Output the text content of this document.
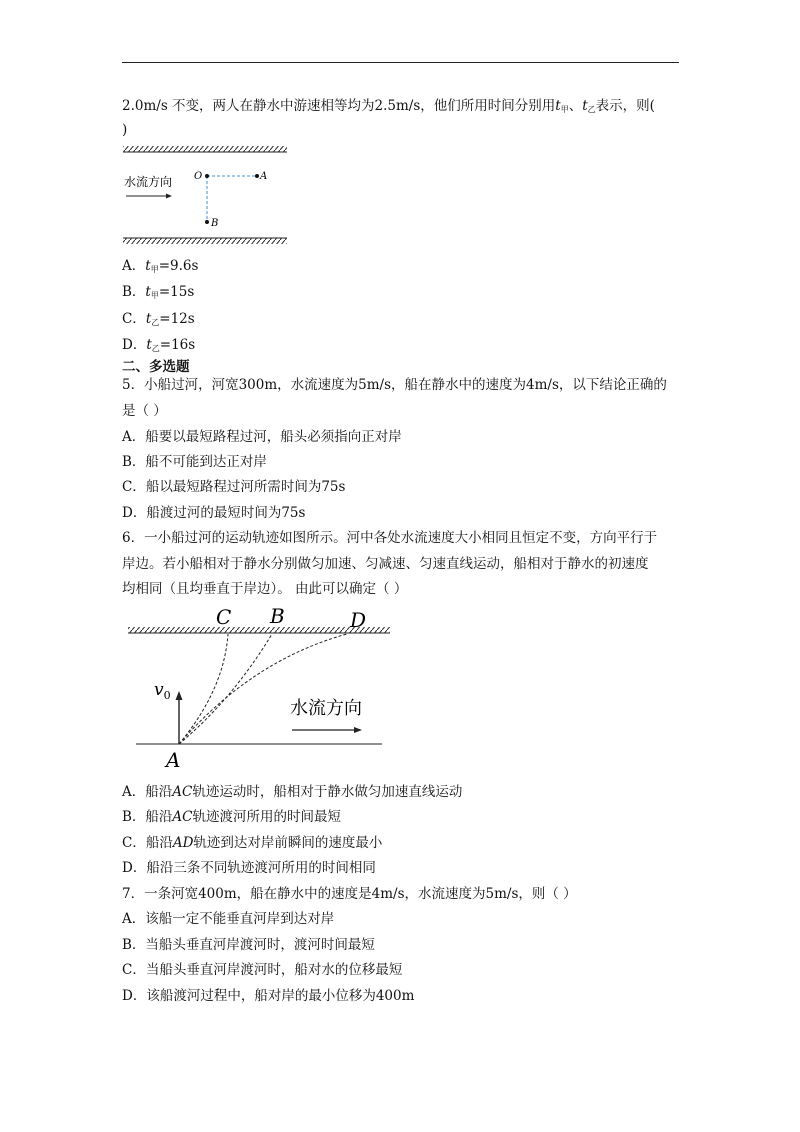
2.0m/s 不变，两人在静水中游速相等均为2.5m/s，他们所用时间分别用$t_甲$、$t_乙$表示，则(
)
水流方向 O	A
B
A．$t_甲=9.6s$
B．$t_甲=15s$
C．$t_乙=12s$
D．$t_乙=16s$
二、多选题
5．小船过河，河宽300m，水流速度为5m/s，船在静水中的速度为4m/s，以下结论正确的
是（ ）
A．船要以最短路程过河，船头必须指向正对岸
B．船不可能到达正对岸
C．船以最短路程过河所需时间为75s
D．船渡过河的最短时间为75s
6．一小船过河的运动轨迹如图所示。河中各处水流速度大小相同且恒定不变，方向平行于
岸边。若小船相对于静水分别做匀加速、匀减速、匀速直线运动，船相对于静水的初速度
均相同（且均垂直于岸边）。 由此可以确定（ ）
C B	D
$v_0$
水流方向
A
A．船沿AC轨迹运动时，船相对于静水做匀加速直线运动
B．船沿AC轨迹渡河所用的时间最短
C．船沿AD轨迹到达对岸前瞬间的速度最小
D．船沿三条不同轨迹渡河所用的时间相同
7．一条河宽400m，船在静水中的速度是4m/s，水流速度为5m/s，则（ ）
A．该船一定不能垂直河岸到达对岸
B．当船头垂直河岸渡河时，渡河时间最短
C．当船头垂直河岸渡河时，船对水的位移最短
D．该船渡河过程中，船对岸的最小位移为400m
